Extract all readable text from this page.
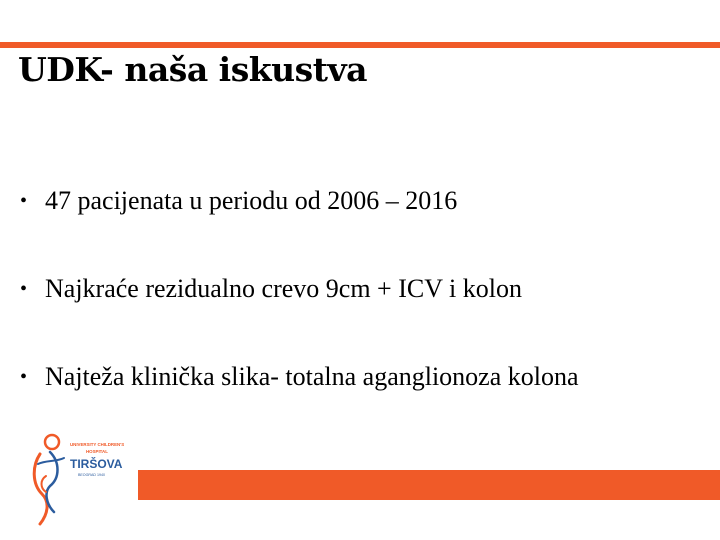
UDK- naša iskustva
• 47 pacijenata u periodu od 2006 – 2016
• Najkraće rezidualno crevo 9cm + ICV i kolon
• Najteža klinička slika- totalna aganglionoza kolona
UNIVERSITY CHILDREN'S
HOSPITAL
TIRŠOVA
BEOGRAD 1940
